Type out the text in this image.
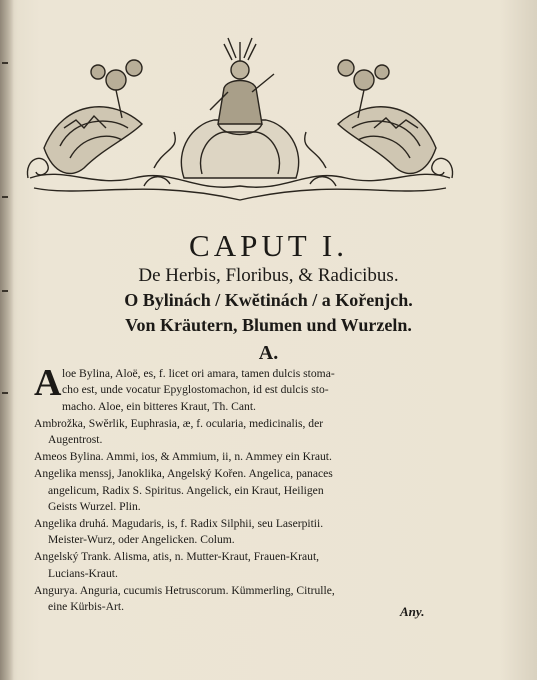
CAPUT I.
De Herbis, Floribus, & Radicibus.
O Bylinách / Kwĕtinách / a Kořenjch.
Von Kräutern, Blumen und Wurzeln.
A.
A loe Bylina, Aloë, es, f. licet ori amara, tamen dulcis stoma-
cho est, unde vocatur Epyglostomachon, id est dulcis sto-
macho. Aloe, ein bitteres Kraut, Th. Cant.
Ambrožka, Swĕrlik, Euphrasia, æ, f. ocularia, medicinalis, der
Augentrost.
Ameos Bylina. Ammi, ios, & Ammium, ii, n. Ammey ein Kraut.
Angelika menssj, Janoklika, Angelský Kořen. Angelica, panaces
angelicum, Radix S. Spiritus. Angelick, ein Kraut, Heiligen
Geists Wurzel. Plin.
Angelika druhá. Magudaris, is, f. Radix Silphii, seu Laserpitii.
Meister-Wurz, oder Angelicken. Colum.
Angelský Trank. Alisma, atis, n. Mutter-Kraut, Frauen-Kraut,
Lucians-Kraut.
Angurya. Anguria, cucumis Hetruscorum. Kümmerling, Citrulle,
eine Kürbis-Art.	Any.
